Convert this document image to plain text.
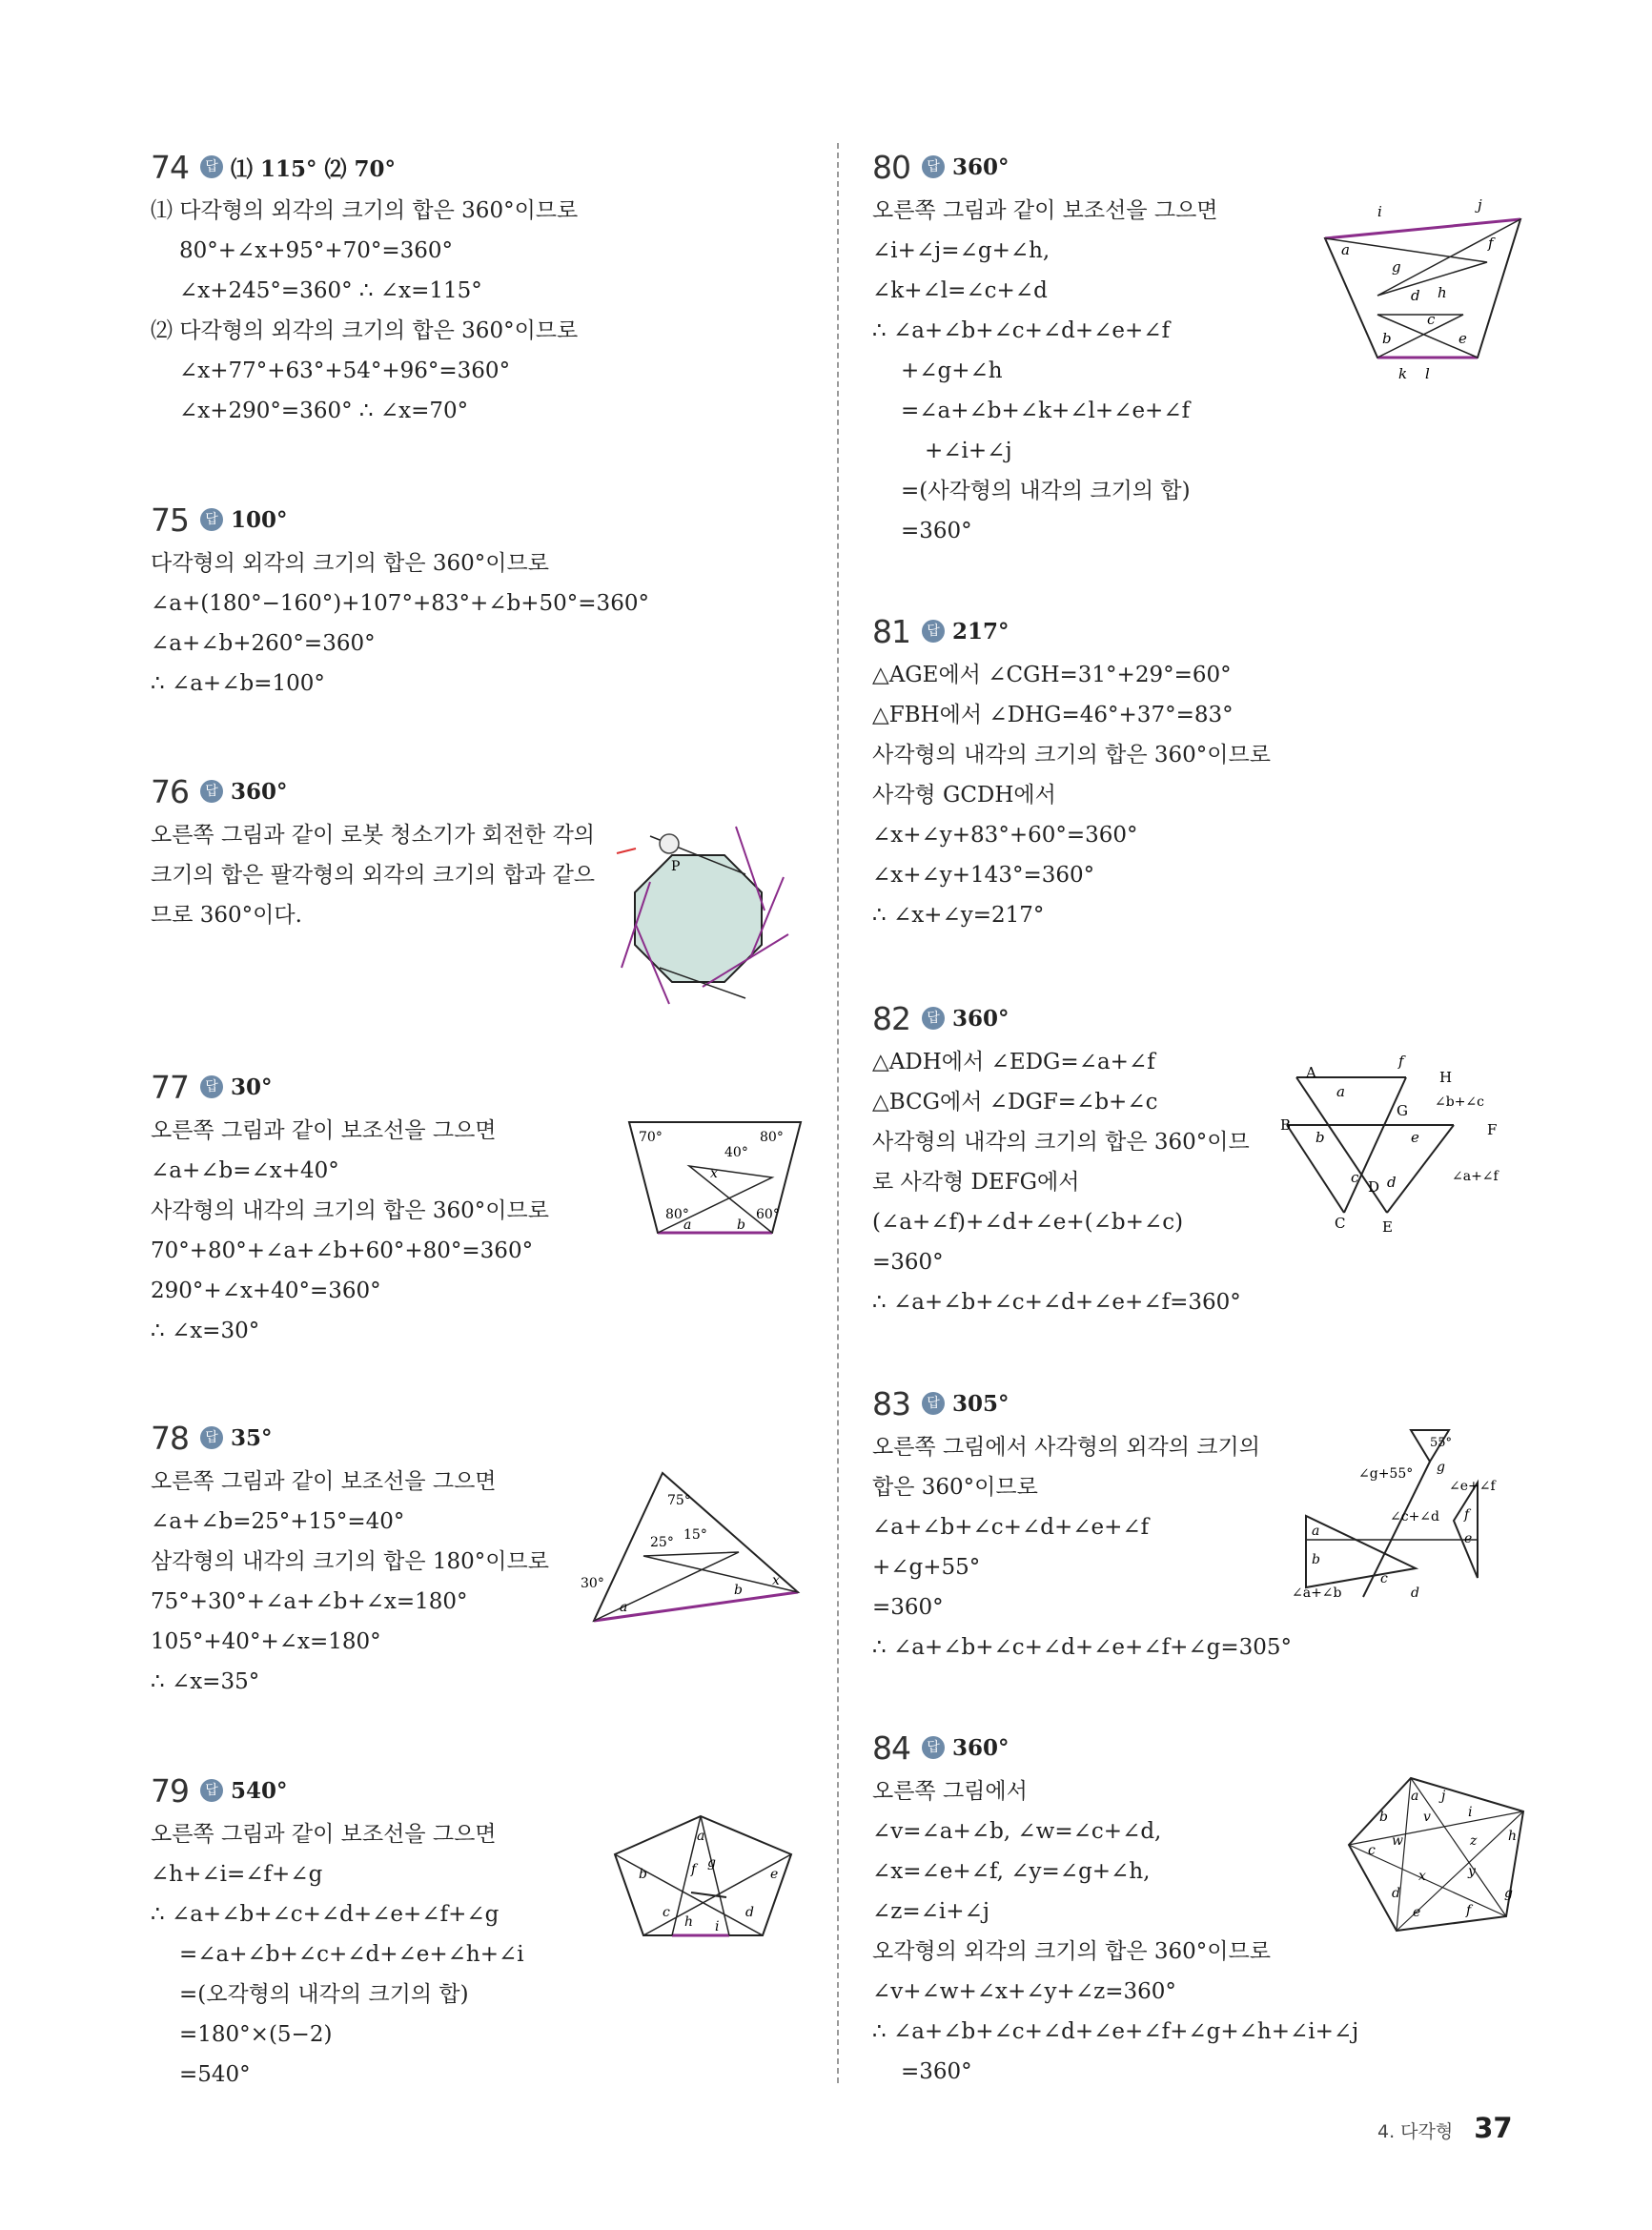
74	답 ⑴ 115° ⑵ 70°
⑴ 다각형의 외각의 크기의 합은 360°이므로
80°+∠x+95°+70°=360°
∠x+245°=360° ∴ ∠x=115°
⑵ 다각형의 외각의 크기의 합은 360°이므로
∠x+77°+63°+54°+96°=360°
∠x+290°=360° ∴ ∠x=70°
75	답 100°
다각형의 외각의 크기의 합은 360°이므로
∠a+(180°−160°)+107°+83°+∠b+50°=360°
∠a+∠b+260°=360°
∴ ∠a+∠b=100°
76	답 360°
오른쪽 그림과 같이 로봇 청소기가 회전한 각의
크기의 합은 팔각형의 외각의 크기의 합과 같으
므로 360°이다.
77	답 30°
오른쪽 그림과 같이 보조선을 그으면
∠a+∠b=∠x+40°
사각형의 내각의 크기의 합은 360°이므로
70°+80°+∠a+∠b+60°+80°=360°
290°+∠x+40°=360°
∴ ∠x=30°
78	답 35°
오른쪽 그림과 같이 보조선을 그으면
∠a+∠b=25°+15°=40°
삼각형의 내각의 크기의 합은 180°이므로
75°+30°+∠a+∠b+∠x=180°
105°+40°+∠x=180°
∴ ∠x=35°
79	답 540°
오른쪽 그림과 같이 보조선을 그으면
∠h+∠i=∠f+∠g
∴ ∠a+∠b+∠c+∠d+∠e+∠f+∠g
=∠a+∠b+∠c+∠d+∠e+∠h+∠i
=(오각형의 내각의 크기의 합)
=180°×(5−2)
=540°
80	답 360°
오른쪽 그림과 같이 보조선을 그으면
∠i+∠j=∠g+∠h,
∠k+∠l=∠c+∠d
∴ ∠a+∠b+∠c+∠d+∠e+∠f
+∠g+∠h
=∠a+∠b+∠k+∠l+∠e+∠f
+∠i+∠j
=(사각형의 내각의 크기의 합)
=360°
81	답 217°
△AGE에서 ∠CGH=31°+29°=60°
△FBH에서 ∠DHG=46°+37°=83°
사각형의 내각의 크기의 합은 360°이므로
사각형 GCDH에서
∠x+∠y+83°+60°=360°
∠x+∠y+143°=360°
∴ ∠x+∠y=217°
82	답 360°
△ADH에서 ∠EDG=∠a+∠f
△BCG에서 ∠DGF=∠b+∠c
사각형의 내각의 크기의 합은 360°이므
로 사각형 DEFG에서
(∠a+∠f)+∠d+∠e+(∠b+∠c)
=360°
∴ ∠a+∠b+∠c+∠d+∠e+∠f=360°
83	답 305°
오른쪽 그림에서 사각형의 외각의 크기의
합은 360°이므로
∠a+∠b+∠c+∠d+∠e+∠f
+∠g+55°
=360°
∴ ∠a+∠b+∠c+∠d+∠e+∠f+∠g=305°
84	답 360°
오른쪽 그림에서
∠v=∠a+∠b, ∠w=∠c+∠d,
∠x=∠e+∠f, ∠y=∠g+∠h,
∠z=∠i+∠j
오각형의 외각의 크기의 합은 360°이므로
∠v+∠w+∠x+∠y+∠z=360°
∴ ∠a+∠b+∠c+∠d+∠e+∠f+∠g+∠h+∠i+∠j
=360°
P
70°	80°
40°
x
80°	60°
a	b
75°
25° 15°
30°
a
b
x
a
b
c	d
e
f g
h i
i	j
a	f
g
d h
c
b	e
k l
A	H
f
a
G ∠b+∠c
B
b	e	F
c d	∠a+∠f
D
C	E
55°
∠g+55° g
∠e+∠f
∠c+∠d
a
b
f
e
c
d
∠a+∠b
a j
b	v	i
c
w	z h
x	y
d
e	f
g
4. 다각형 37
